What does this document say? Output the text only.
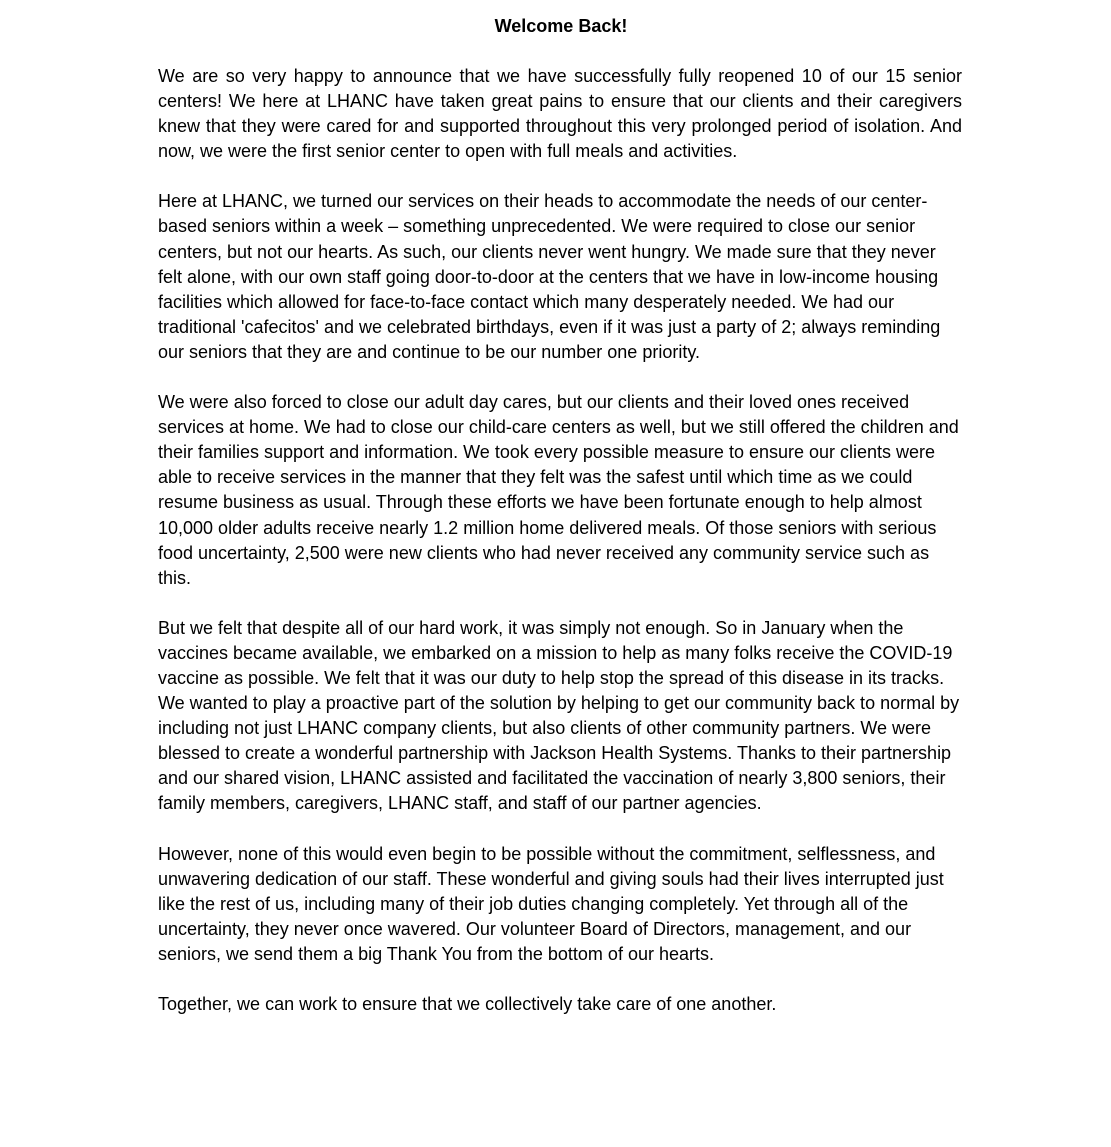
Welcome Back!

We are so very happy to announce that we have successfully fully reopened 10 of our 15 senior centers! We here at LHANC have taken great pains to ensure that our clients and their caregivers knew that they were cared for and supported throughout this very prolonged period of isolation. And now, we were the first senior center to open with full meals and activities.

Here at LHANC, we turned our services on their heads to accommodate the needs of our center-based seniors within a week – something unprecedented. We were required to close our senior centers, but not our hearts. As such, our clients never went hungry. We made sure that they never felt alone, with our own staff going door-to-door at the centers that we have in low-income housing facilities which allowed for face-to-face contact which many desperately needed. We had our traditional 'cafecitos' and we celebrated birthdays, even if it was just a party of 2; always reminding our seniors that they are and continue to be our number one priority.

We were also forced to close our adult day cares, but our clients and their loved ones received services at home. We had to close our child-care centers as well, but we still offered the children and their families support and information. We took every possible measure to ensure our clients were able to receive services in the manner that they felt was the safest until which time as we could resume business as usual. Through these efforts we have been fortunate enough to help almost 10,000 older adults receive nearly 1.2 million home delivered meals. Of those seniors with serious food uncertainty, 2,500 were new clients who had never received any community service such as this.

But we felt that despite all of our hard work, it was simply not enough. So in January when the vaccines became available, we embarked on a mission to help as many folks receive the COVID-19 vaccine as possible. We felt that it was our duty to help stop the spread of this disease in its tracks. We wanted to play a proactive part of the solution by helping to get our community back to normal by including not just LHANC company clients, but also clients of other community partners. We were blessed to create a wonderful partnership with Jackson Health Systems. Thanks to their partnership and our shared vision, LHANC assisted and facilitated the vaccination of nearly 3,800 seniors, their family members, caregivers, LHANC staff, and staff of our partner agencies.

However, none of this would even begin to be possible without the commitment, selflessness, and unwavering dedication of our staff. These wonderful and giving souls had their lives interrupted just like the rest of us, including many of their job duties changing completely. Yet through all of the uncertainty, they never once wavered. Our volunteer Board of Directors, management, and our seniors, we send them a big Thank You from the bottom of our hearts.

Together, we can work to ensure that we collectively take care of one another.
